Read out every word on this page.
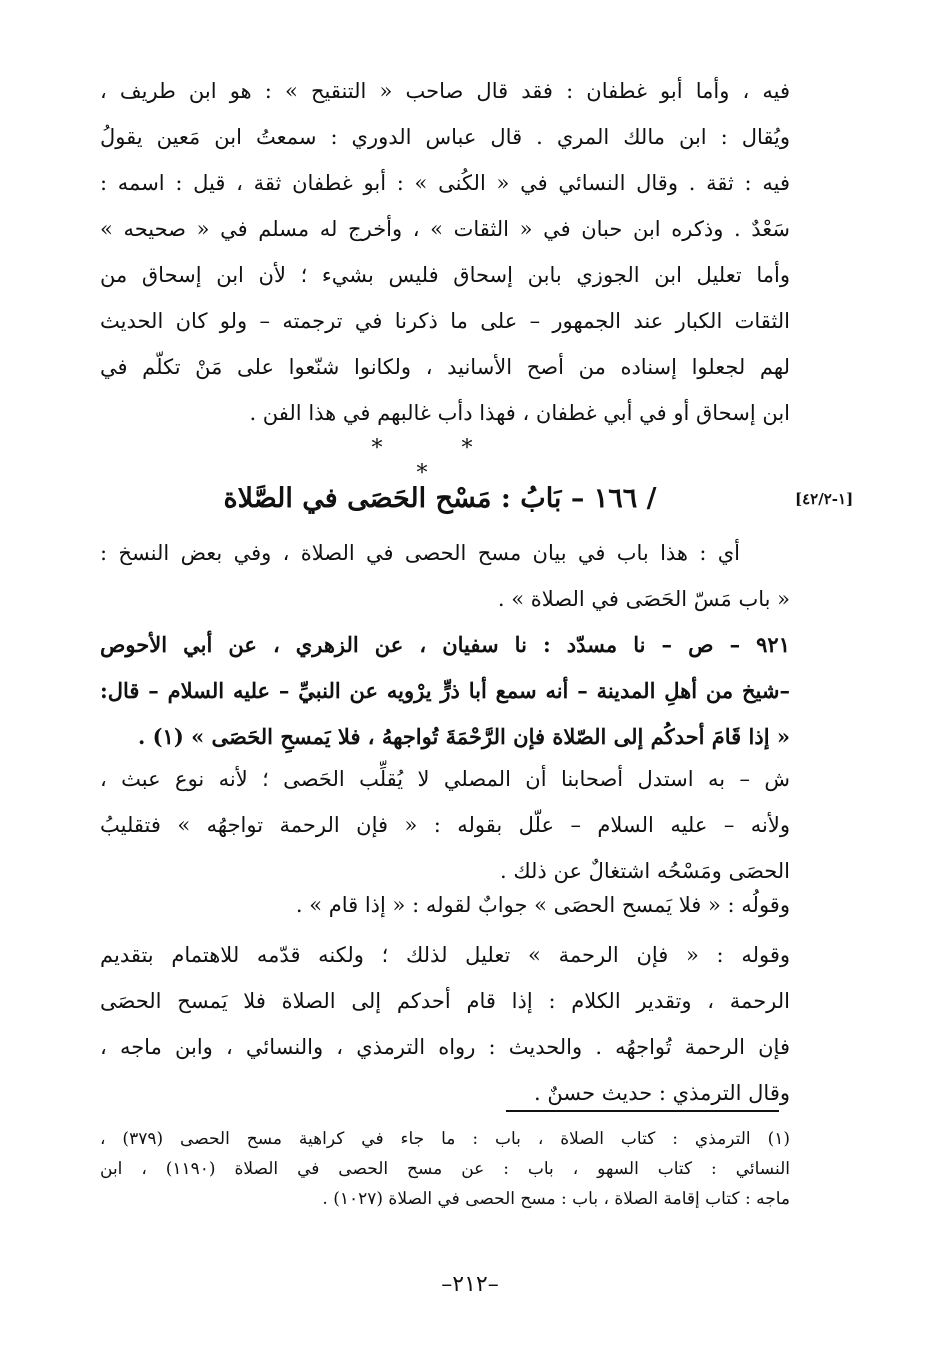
فيه ، وأما أبو غطفان : فقد قال صاحب « التنقيح » : هو ابن طريف ،
ويُقال : ابن مالك المري . قال عباس الدوري : سمعتُ ابن مَعين يقولُ
فيه : ثقة . وقال النسائي في « الكُنى » : أبو غطفان ثقة ، قيل : اسمه :
سَعْدٌ . وذكره ابن حبان في « الثقات » ، وأخرج له مسلم في « صحيحه »
وأما تعليل ابن الجوزي بابن إسحاق فليس بشيء ؛ لأن ابن إسحاق من
الثقات الكبار عند الجمهور – على ما ذكرنا في ترجمته – ولو كان الحديث
لهم لجعلوا إسناده من أصح الأسانيد ، ولكانوا شنّعوا على مَنْ تكلّم في
ابن إسحاق أو في أبي غطفان ، فهذا دأب غالبهم في هذا الفن .
* * *
/ ١٦٦ – بَابُ : مَسْح الحَصَى في الصَّلاة	[١-٤٢/٢]
أي : هذا باب في بيان مسح الحصى في الصلاة ، وفي بعض النسخ :
« باب مَسّ الحَصَى في الصلاة » .
٩٢١ – ص – نا مسدّد : نا سفيان ، عن الزهري ، عن أبي الأحوص
–شيخ من أهلِ المدينة – أنه سمع أبا ذرٍّ يرْويه عن النبيِّ – عليه السلام – قال:
« إذا قَامَ أحدكُم إلى الصّلاة فإن الرَّحْمَةَ تُواجههُ ، فلا يَمسحِ الحَصَى » (١) .
ش – به استدل أصحابنا أن المصلي لا يُقلِّب الحَصى ؛ لأنه نوع عبث ،
ولأنه – عليه السلام – علّل بقوله : « فإن الرحمة تواجهُه » فتقليبُ
الحصَى ومَسْحُه اشتغالٌ عن ذلك .
وقولُه : « فلا يَمسح الحصَى » جوابٌ لقوله : « إذا قام » .
وقوله : « فإن الرحمة » تعليل لذلك ؛ ولكنه قدّمه للاهتمام بتقديم
الرحمة ، وتقدير الكلام : إذا قام أحدكم إلى الصلاة فلا يَمسح الحصَى
فإن الرحمة تُواجهُه . والحديث : رواه الترمذي ، والنسائي ، وابن ماجه ،
وقال الترمذي : حديث حسنٌ .
(١) الترمذي : كتاب الصلاة ، باب : ما جاء في كراهية مسح الحصى (٣٧٩) ،
النسائي : كتاب السهو ، باب : عن مسح الحصى في الصلاة (١١٩٠) ، ابن
ماجه : كتاب إقامة الصلاة ، باب : مسح الحصى في الصلاة (١٠٢٧) .
–٢١٢–
